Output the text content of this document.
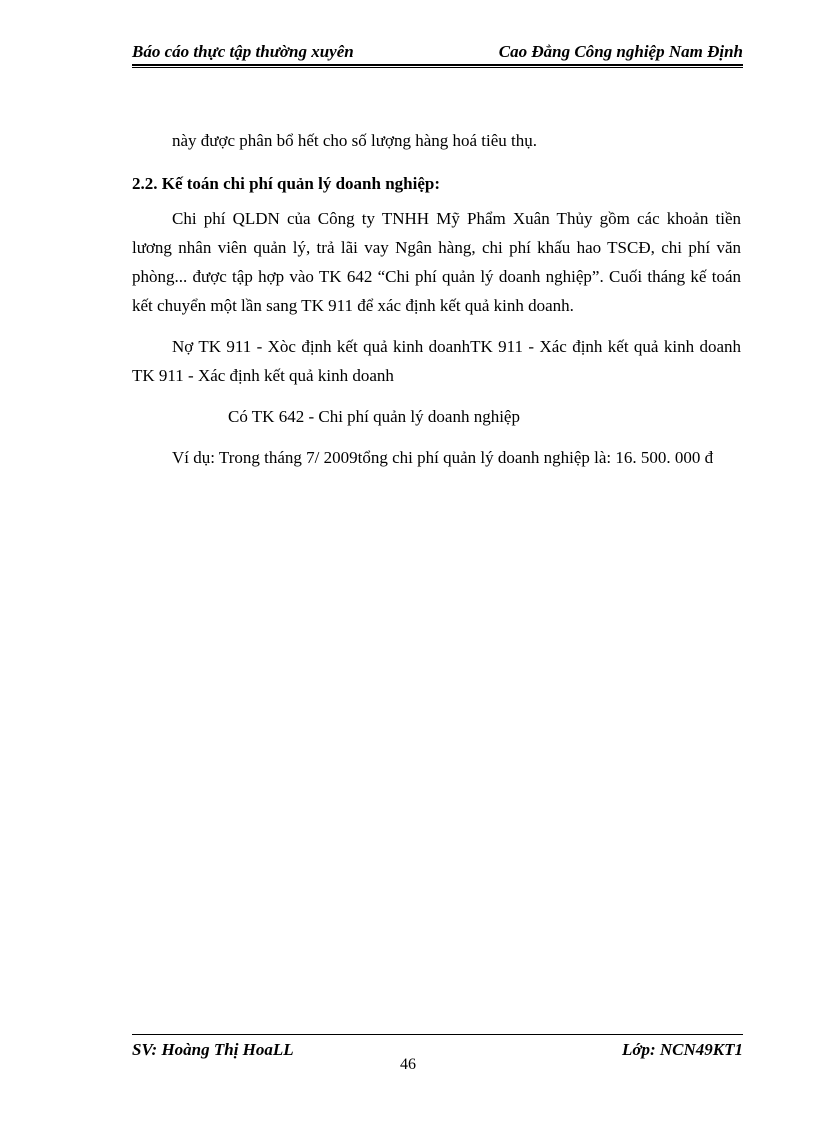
Báo cáo thực tập thường xuyên	Cao Đẳng Công nghiệp Nam Định

này được phân bổ hết cho số lượng hàng hoá tiêu thụ.

2.2. Kế toán chi phí quản lý doanh nghiệp:

Chi phí QLDN của Công ty TNHH Mỹ Phẩm Xuân Thủy gồm các khoản tiền lương nhân viên quản lý, trả lãi vay Ngân hàng, chi phí khấu hao TSCĐ, chi phí văn phòng... được tập hợp vào TK 642 “Chi phí quản lý doanh nghiệp”. Cuối tháng kế toán kết chuyển một lần sang TK 911 để xác định kết quả kinh doanh.

Nợ TK 911 - Xòc định kết quả kinh doanhTK 911 - Xác định kết quả kinh doanh TK 911 - Xác định kết quả kinh doanh

Có TK 642 - Chi phí quản lý doanh nghiệp

Ví dụ: Trong tháng 7/ 2009tổng chi phí quản lý doanh nghiệp là: 16. 500. 000 đ

SV: Hoàng Thị HoaLL	Lớp: NCN49KT1
46
